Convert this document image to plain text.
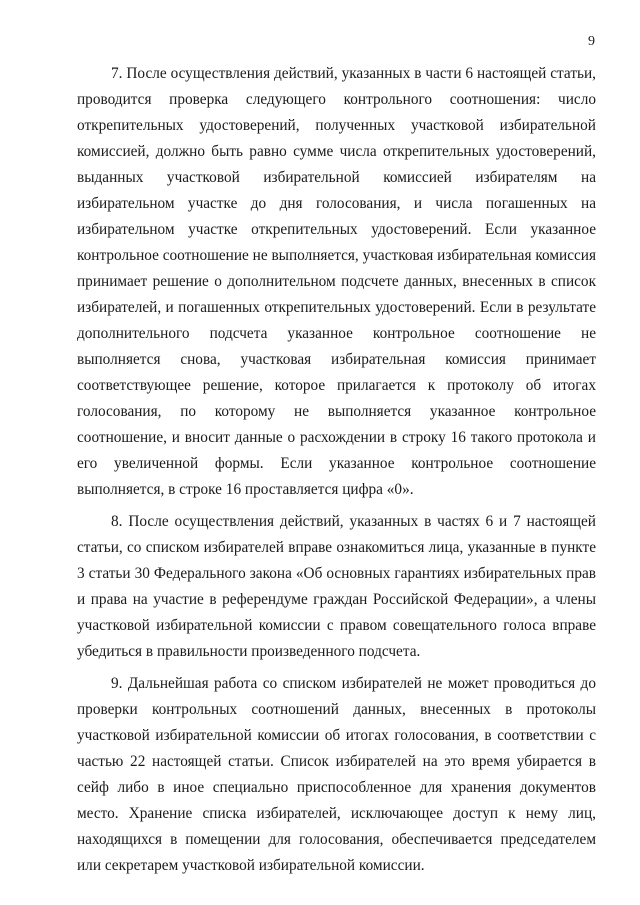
9

7. После осуществления действий, указанных в части 6 настоящей статьи, проводится проверка следующего контрольного соотношения: число открепительных удостоверений, полученных участковой избирательной комиссией, должно быть равно сумме числа открепительных удостоверений, выданных участковой избирательной комиссией избирателям на избирательном участке до дня голосования, и числа погашенных на избирательном участке открепительных удостоверений. Если указанное контрольное соотношение не выполняется, участковая избирательная комиссия принимает решение о дополнительном подсчете данных, внесенных в список избирателей, и погашенных открепительных удостоверений. Если в результате дополнительного подсчета указанное контрольное соотношение не выполняется снова, участковая избирательная комиссия принимает соответствующее решение, которое прилагается к протоколу об итогах голосования, по которому не выполняется указанное контрольное соотношение, и вносит данные о расхождении в строку 16 такого протокола и его увеличенной формы. Если указанное контрольное соотношение выполняется, в строке 16 проставляется цифра «0».

8. После осуществления действий, указанных в частях 6 и 7 настоящей статьи, со списком избирателей вправе ознакомиться лица, указанные в пункте 3 статьи 30 Федерального закона «Об основных гарантиях избирательных прав и права на участие в референдуме граждан Российской Федерации», а члены участковой избирательной комиссии с правом совещательного голоса вправе убедиться в правильности произведенного подсчета.

9. Дальнейшая работа со списком избирателей не может проводиться до проверки контрольных соотношений данных, внесенных в протоколы участковой избирательной комиссии об итогах голосования, в соответствии с частью 22 настоящей статьи. Список избирателей на это время убирается в сейф либо в иное специально приспособленное для хранения документов место. Хранение списка избирателей, исключающее доступ к нему лиц, находящихся в помещении для голосования, обеспечивается председателем или секретарем участковой избирательной комиссии.
